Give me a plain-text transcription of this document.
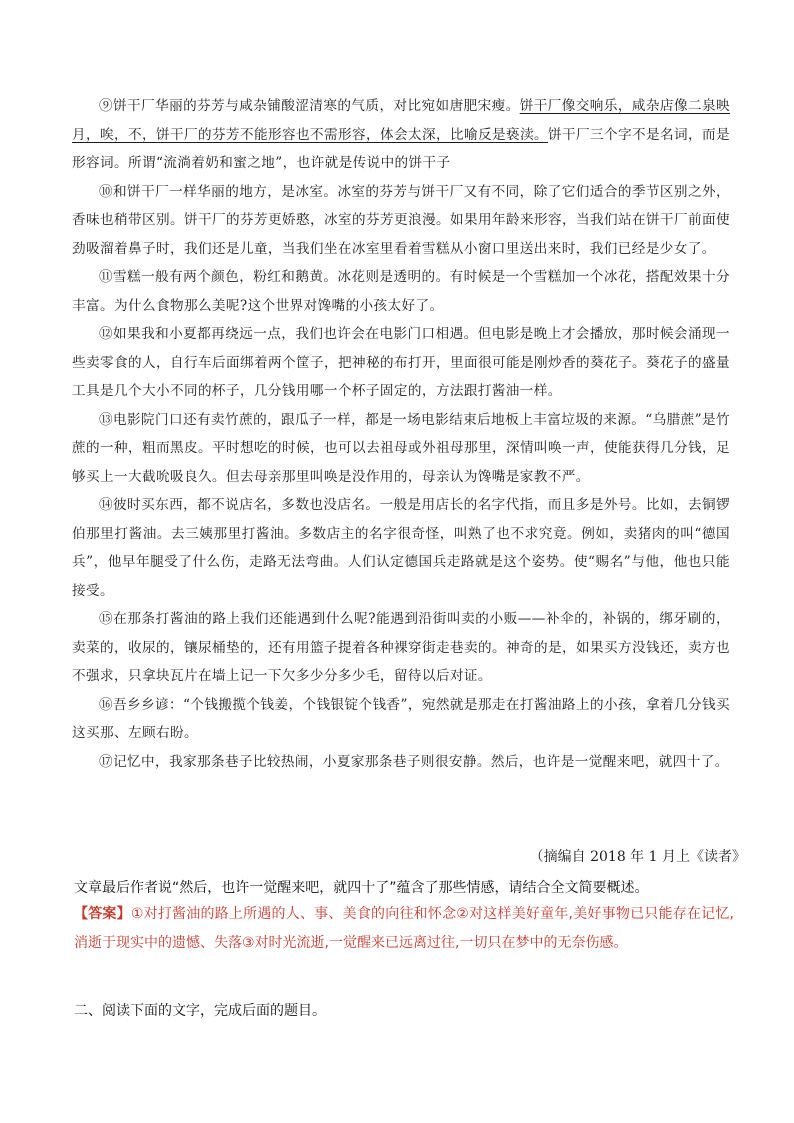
⑨饼干厂华丽的芬芳与咸杂铺酸涩清寒的气质，对比宛如唐肥宋瘦。饼干厂像交响乐，咸杂店像二泉映月，唉，不，饼干厂的芬芳不能形容也不需形容，体会太深，比喻反是亵渎。饼干厂三个字不是名词，而是形容词。所谓“流淌着奶和蜜之地”，也许就是传说中的饼干子

⑩和饼干厂一样华丽的地方，是冰室。冰室的芬芳与饼干厂又有不同，除了它们适合的季节区别之外，香味也稍带区别。饼干厂的芬芳更娇憨，冰室的芬芳更浪漫。如果用年龄来形容，当我们站在饼干厂前面使劲吸溜着鼻子时，我们还是儿童，当我们坐在冰室里看着雪糕从小窗口里送出来时，我们已经是少女了。

⑪雪糕一般有两个颜色，粉红和鹅黄。冰花则是透明的。有时候是一个雪糕加一个冰花，搭配效果十分丰富。为什么食物那么美呢?这个世界对馋嘴的小孩太好了。

⑫如果我和小夏都再绕远一点，我们也许会在电影门口相遇。但电影是晚上才会播放，那时候会涌现一些卖零食的人，自行车后面绑着两个筐子，把神秘的布打开，里面很可能是刚炒香的葵花子。葵花子的盛量工具是几个大小不同的杯子，几分钱用哪一个杯子固定的，方法跟打酱油一样。

⑬电影院门口还有卖竹蔗的，跟瓜子一样，都是一场电影结束后地板上丰富垃圾的来源。“乌腊蔗”是竹蔗的一种，粗而黑皮。平时想吃的时候，也可以去祖母或外祖母那里，深情叫唤一声，使能获得几分钱，足够买上一大截吮吸良久。但去母亲那里叫唤是没作用的，母亲认为馋嘴是家教不严。

⑭彼时买东西，都不说店名，多数也没店名。一般是用店长的名字代指，而且多是外号。比如，去铜锣伯那里打酱油。去三姨那里打酱油。多数店主的名字很奇怪，叫熟了也不求究竟。例如，卖猪肉的叫“德国兵”，他早年腿受了什么伤，走路无法弯曲。人们认定德国兵走路就是这个姿势。使“赐名”与他，他也只能接受。

⑮在那条打酱油的路上我们还能遇到什么呢?能遇到沿街叫卖的小贩——补伞的，补锅的，绑牙刷的，卖菜的，收尿的，镶尿桶垫的，还有用篮子提着各种裸穿街走巷卖的。神奇的是，如果买方没钱还，卖方也不强求，只拿块瓦片在墙上记一下欠多少分多少毛，留待以后对证。

⑯吾乡乡谚：“个钱搬揽个钱姜，个钱银锭个钱香”，宛然就是那走在打酱油路上的小孩，拿着几分钱买这买那、左顾右盼。

⑰记忆中，我家那条巷子比较热闹，小夏家那条巷子则很安静。然后，也许是一觉醒来吧，就四十了。

（摘编自 2018 年 1 月上《读者》
文章最后作者说“然后，也许一觉醒来吧，就四十了”蕴含了那些情感，请结合全文简要概述。
【答案】①对打酱油的路上所遇的人、事、美食的向往和怀念②对这样美好童年,美好事物已只能存在记忆,消逝于现实中的遗憾、失落③对时光流逝,一觉醒来已远离过往,一切只在梦中的无奈伤感。
二、阅读下面的文字，完成后面的题目。
